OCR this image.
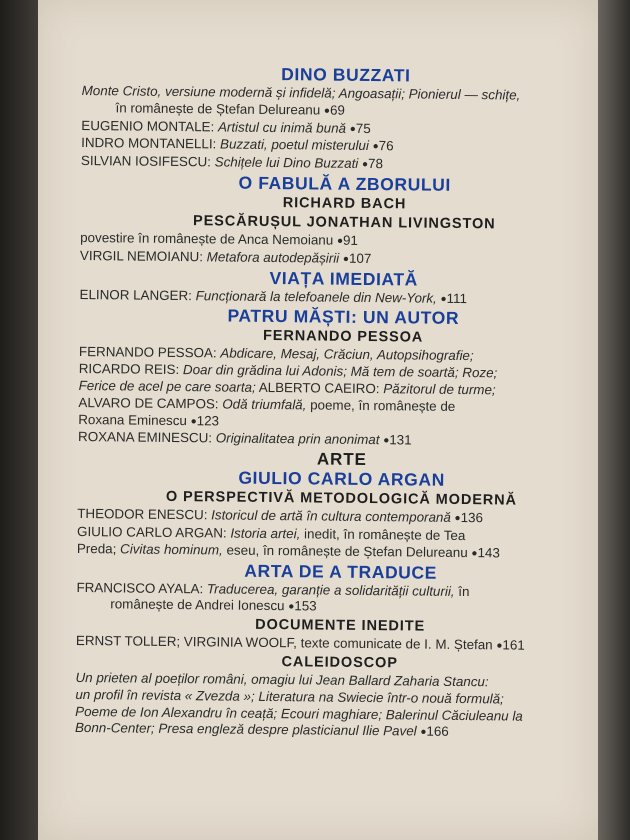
DINO BUZZATI
Monte Cristo, versiune modernă și infidelă; Angoasații; Pionierul — schițe,
în românește de Ștefan Delureanu ●69
EUGENIO MONTALE: Artistul cu inimă bună ●75
INDRO MONTANELLI: Buzzati, poetul misterului ●76
SILVIAN IOSIFESCU: Schițele lui Dino Buzzati ●78
O FABULĂ A ZBORULUI
RICHARD BACH
PESCĂRUȘUL JONATHAN LIVINGSTON
povestire în românește de Anca Nemoianu ●91
VIRGIL NEMOIANU: Metafora autodepășirii ●107
VIAȚA IMEDIATĂ
ELINOR LANGER: Funcționară la telefoanele din New-York, ●111
PATRU MĂȘTI: UN AUTOR
FERNANDO PESSOA
FERNANDO PESSOA: Abdicare, Mesaj, Crăciun, Autopsihografie;
RICARDO REIS: Doar din grădina lui Adonis; Mă tem de soartă; Roze;
Ferice de acel pe care soarta; ALBERTO CAEIRO: Păzitorul de turme;
ALVARO DE CAMPOS: Odă triumfală, poeme, în românește de
Roxana Eminescu ●123
ROXANA EMINESCU: Originalitatea prin anonimat ●131
ARTE
GIULIO CARLO ARGAN
O PERSPECTIVĂ METODOLOGICĂ MODERNĂ
THEODOR ENESCU: Istoricul de artă în cultura contemporană ●136
GIULIO CARLO ARGAN: Istoria artei, inedit, în românește de Tea
Preda; Civitas hominum, eseu, în românește de Ștefan Delureanu ●143
ARTA DE A TRADUCE
FRANCISCO AYALA: Traducerea, garanție a solidarității culturii, în
românește de Andrei Ionescu ●153
DOCUMENTE INEDITE
ERNST TOLLER; VIRGINIA WOOLF, texte comunicate de I. M. Ștefan ●161
CALEIDOSCOP
Un prieten al poeților români, omagiu lui Jean Ballard Zaharia Stancu:
un profil în revista « Zvezda »; Literatura na Swiecie într-o nouă formulă;
Poeme de Ion Alexandru în ceață; Ecouri maghiare; Balerinul Căciuleanu la
Bonn-Center; Presa engleză despre plasticianul Ilie Pavel ●166
